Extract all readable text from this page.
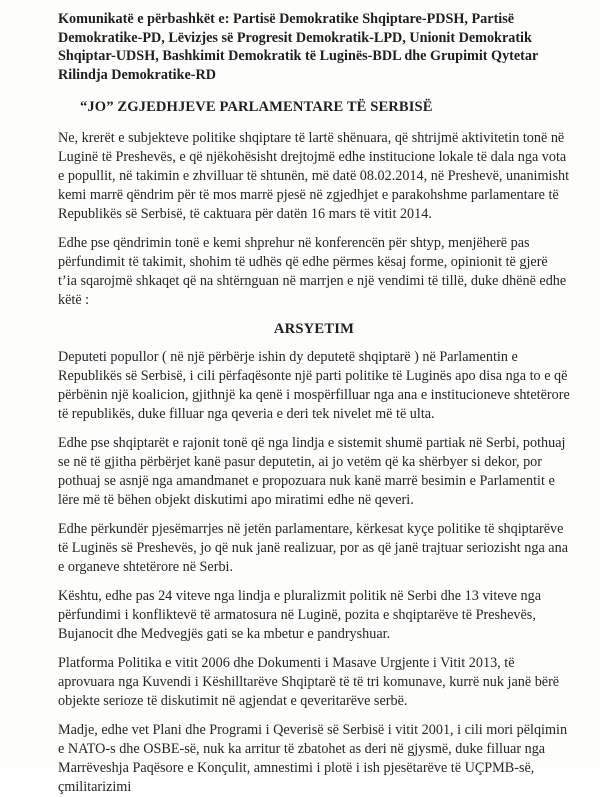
Komunikatë e përbashkët e: Partisë Demokratike Shqiptare-PDSH, Partisë Demokratike-PD, Lëvizjes së Progresit Demokratik-LPD, Unionit Demokratik Shqiptar-UDSH, Bashkimit Demokratik të Luginës-BDL dhe Grupimit Qytetar Rilindja Demokratike-RD
“JO” ZGJEDHJEVE PARLAMENTARE TË SERBISË

Ne, krerët e subjekteve politike shqiptare të lartë shënuara, që shtrijmë aktivitetin tonë në Luginë të Preshevës, e që njëkohësisht drejtojmë edhe institucione lokale të dala nga vota e popullit, në takimin e zhvilluar të shtunën, më datë 08.02.2014, në Preshevë, unanimisht kemi marrë qëndrim për të mos marrë pjesë në zgjedhjet e parakohshme parlamentare të Republikës së Serbisë, të caktuara për datën 16 mars të vitit 2014.

Edhe pse qëndrimin tonë e kemi shprehur në konferencën për shtyp, menjëherë pas përfundimit të takimit, shohim të udhës që edhe përmes kësaj forme, opinionit të gjerë t’ia sqarojmë shkaqet që na shtërnguan në marrjen e një vendimi të tillë, duke dhënë edhe këtë :

ARSYETIM

Deputeti popullor ( në një përbërje ishin dy deputetë shqiptarë ) në Parlamentin e Republikës së Serbisë, i cili përfaqësonte një parti politike të Luginës apo disa nga to e që përbënin një koalicion, gjithnjë ka qenë i mospërfilluar nga ana e institucioneve shtetërore të republikës, duke filluar nga qeveria e deri tek nivelet më të ulta.

Edhe pse shqiptarët e rajonit tonë që nga lindja e sistemit shumë partiak në Serbi, pothuaj se në të gjitha përbërjet kanë pasur deputetin, ai jo vetëm që ka shërbyer si dekor, por pothuaj se asnjë nga amandmanet e propozuara nuk kanë marrë besimin e Parlamentit e lëre më të bëhen objekt diskutimi apo miratimi edhe në qeveri.

Edhe përkundër pjesëmarrjes në jetën parlamentare, kërkesat kyçe politike të shqiptarëve të Luginës së Preshevës, jo që nuk janë realizuar, por as që janë trajtuar seriozisht nga ana e organeve shtetërore në Serbi.

Kështu, edhe pas 24 viteve nga lindja e pluralizmit politik në Serbi dhe 13 viteve nga përfundimi i konfliktevë të armatosura në Luginë, pozita e shqiptarëve të Preshevës, Bujanocit dhe Medvegjës gati se ka mbetur e pandryshuar.

Platforma Politika e vitit 2006 dhe Dokumenti i Masave Urgjente i Vitit 2013, të aprovuara nga Kuvendi i Këshilltarëve Shqiptarë të të tri komunave, kurrë nuk janë bërë objekte serioze të diskutimit në agjendat e qeveritarëve serbë.

Madje, edhe vet Plani dhe Programi i Qeverisë së Serbisë i vitit 2001, i cili mori pëlqimin e NATO-s dhe OSBE-së, nuk ka arritur të zbatohet as deri në gjysmë, duke filluar nga Marrëveshja Paqësore e Konçulit, amnestimi i plotë i ish pjesëtarëve të UÇPMB-së, çmilitarizimi
